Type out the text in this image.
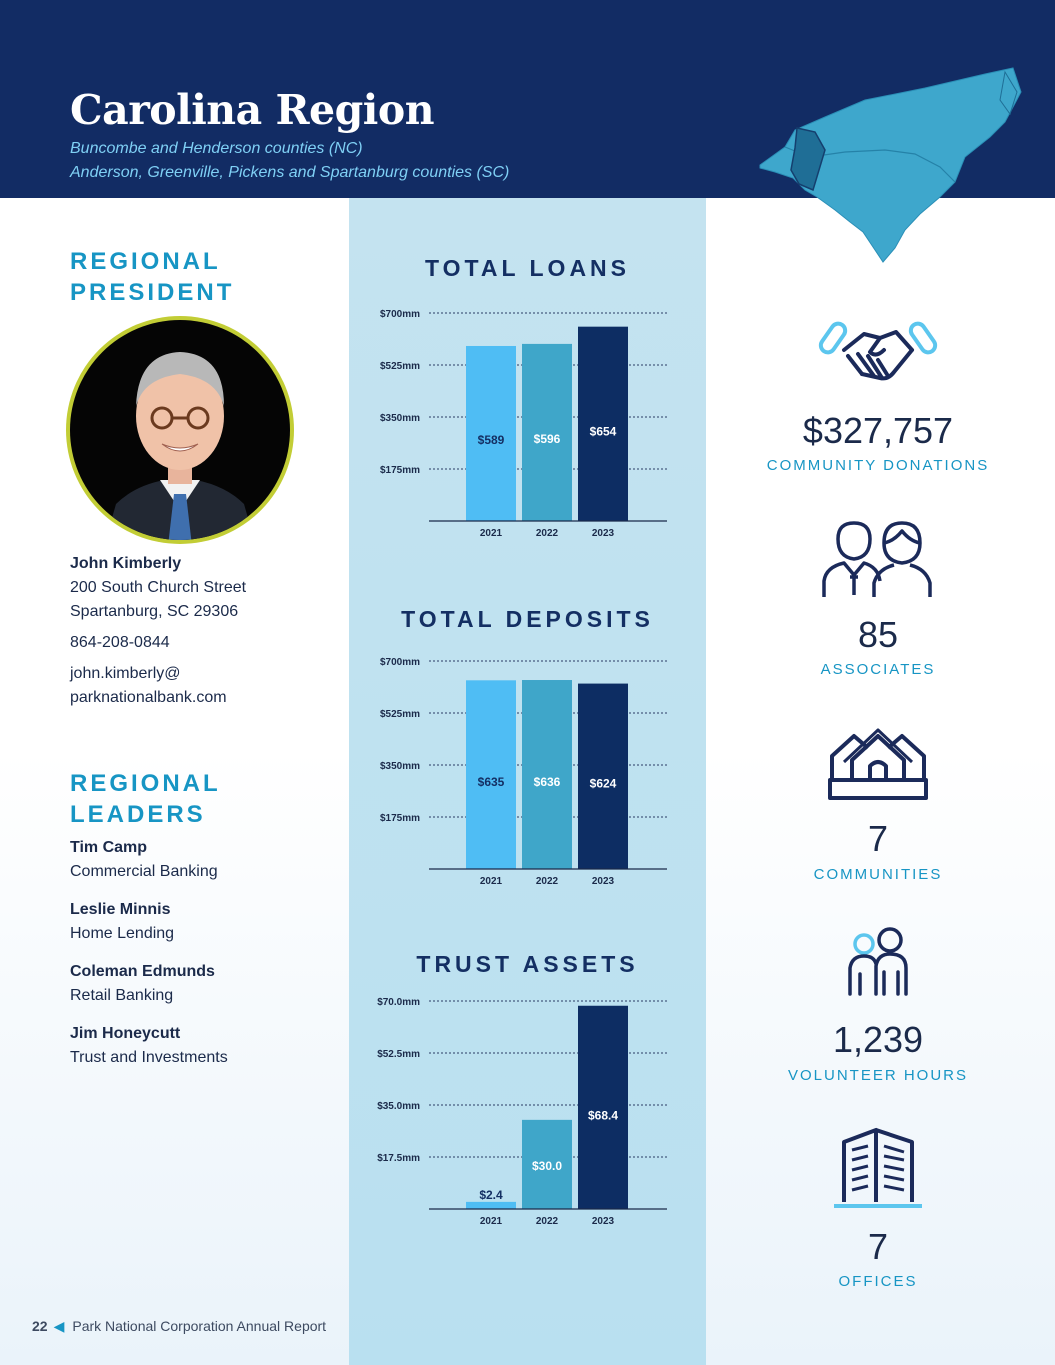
Carolina Region
Buncombe and Henderson counties (NC)
Anderson, Greenville, Pickens and Spartanburg counties (SC)
REGIONAL
PRESIDENT
John Kimberly
200 South Church Street
Spartanburg, SC 29306
864-208-0844
john.kimberly@
parknationalbank.com
REGIONAL
LEADERS
Tim Camp
Commercial Banking
Leslie Minnis
Home Lending
Coleman Edmunds
Retail Banking
Jim Honeycutt
Trust and Investments
TOTAL LOANS
$175mm
$350mm
$525mm
$700mm
$589
2021
$596
2022
$654
2023
TOTAL DEPOSITS
$175mm
$350mm
$525mm
$700mm
$635
2021
$636
2022
$624
2023
TRUST ASSETS
$17.5mm
$35.0mm
$52.5mm
$70.0mm
$2.4
2021
$30.0
2022
$68.4
2023
$327,757
COMMUNITY DONATIONS
85
ASSOCIATES
7
COMMUNITIES
1,239
VOLUNTEER HOURS
7
OFFICES
22 ◀ Park National Corporation Annual Report
